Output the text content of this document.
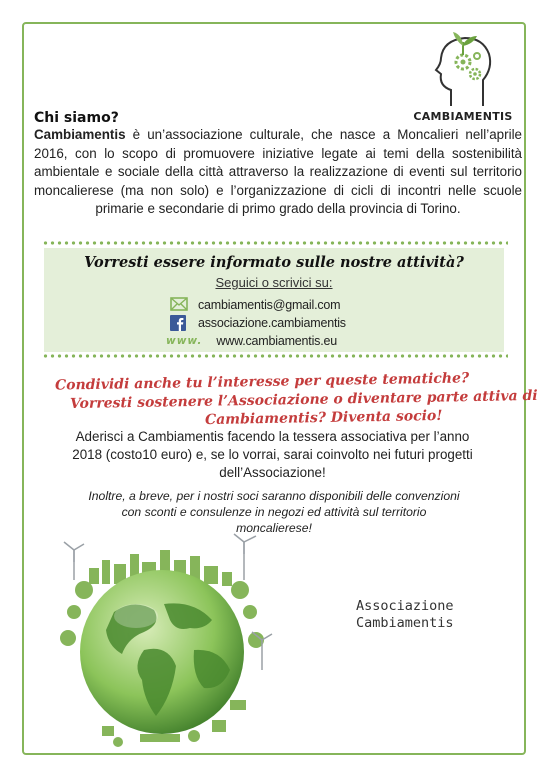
CAMBIAMENTIS
Chi siamo?
Cambiamentis è un’associazione culturale, che nasce a Moncalieri nell’aprile 2016, con lo scopo di promuovere iniziative legate ai temi della sostenibilità ambientale e sociale della città attraverso la realizzazione di eventi sul territorio moncalierese (ma non solo) e l’organizzazione di cicli di incontri nelle scuole primarie e secondarie di primo grado della provincia di Torino.
Vorresti essere informato sulle nostre attività?
Seguici o scrivici su:
cambiamentis@gmail.com
associazione.cambiamentis
www. www.cambiamentis.eu
Condividi anche tu l’interesse per queste tematiche?
Vorresti sostenere l’Associazione o diventare parte attiva di
Cambiamentis? Diventa socio!
Aderisci a Cambiamentis facendo la tessera associativa per l’anno 2018 (costo10 euro) e, se lo vorrai, sarai coinvolto nei futuri progetti dell’Associazione!
Inoltre, a breve, per i nostri soci saranno disponibili delle convenzioni con sconti e consulenze in negozi ed attività sul territorio moncalierese!
Associazione
Cambiamentis
